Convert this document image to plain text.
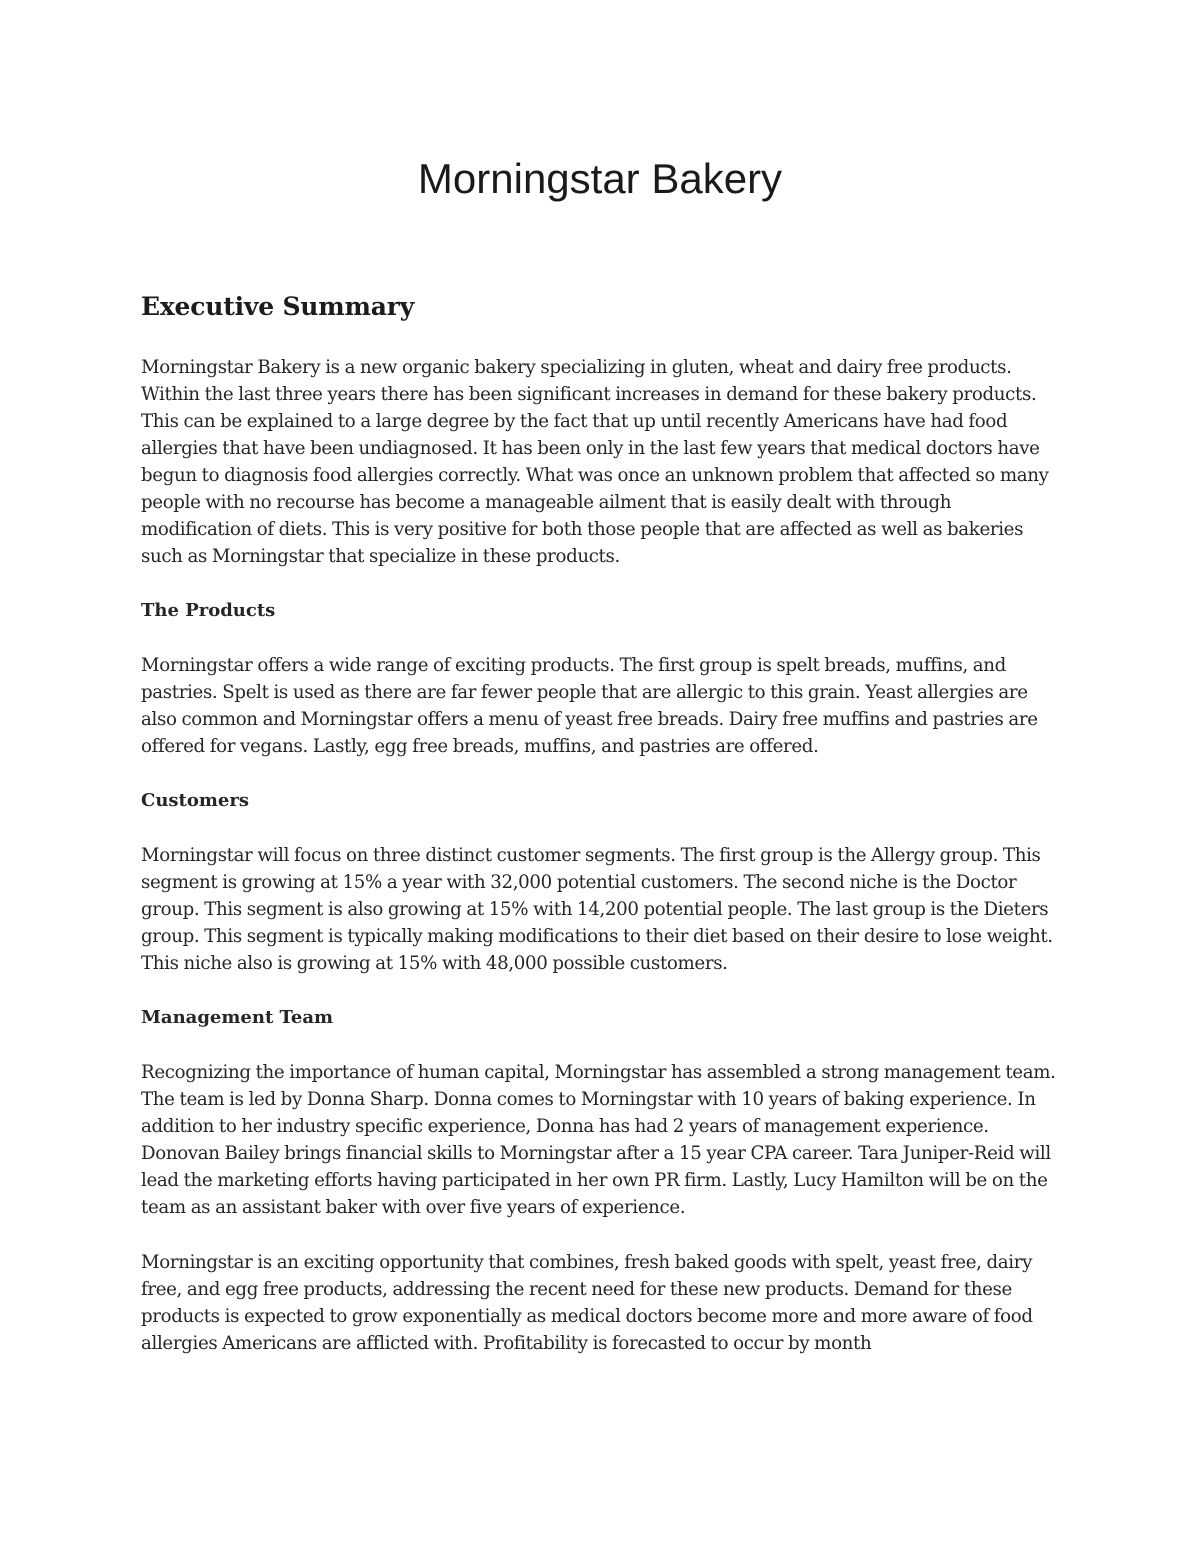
Morningstar Bakery
Executive Summary

Morningstar Bakery is a new organic bakery specializing in gluten, wheat and dairy free products. Within the last three years there has been significant increases in demand for these bakery products. This can be explained to a large degree by the fact that up until recently Americans have had food allergies that have been undiagnosed. It has been only in the last few years that medical doctors have begun to diagnosis food allergies correctly. What was once an unknown problem that affected so many people with no recourse has become a manageable ailment that is easily dealt with through modification of diets. This is very positive for both those people that are affected as well as bakeries such as Morningstar that specialize in these products.

The Products

Morningstar offers a wide range of exciting products. The first group is spelt breads, muffins, and pastries. Spelt is used as there are far fewer people that are allergic to this grain. Yeast allergies are also common and Morningstar offers a menu of yeast free breads. Dairy free muffins and pastries are offered for vegans. Lastly, egg free breads, muffins, and pastries are offered.

Customers

Morningstar will focus on three distinct customer segments. The first group is the Allergy group. This segment is growing at 15% a year with 32,000 potential customers. The second niche is the Doctor group. This segment is also growing at 15% with 14,200 potential people. The last group is the Dieters group. This segment is typically making modifications to their diet based on their desire to lose weight. This niche also is growing at 15% with 48,000 possible customers.

Management Team

Recognizing the importance of human capital, Morningstar has assembled a strong management team. The team is led by Donna Sharp. Donna comes to Morningstar with 10 years of baking experience. In addition to her industry specific experience, Donna has had 2 years of management experience. Donovan Bailey brings financial skills to Morningstar after a 15 year CPA career. Tara Juniper-Reid will lead the marketing efforts having participated in her own PR firm. Lastly, Lucy Hamilton will be on the team as an assistant baker with over five years of experience.

Morningstar is an exciting opportunity that combines, fresh baked goods with spelt, yeast free, dairy free, and egg free products, addressing the recent need for these new products. Demand for these products is expected to grow exponentially as medical doctors become more and more aware of food allergies Americans are afflicted with. Profitability is forecasted to occur by month
